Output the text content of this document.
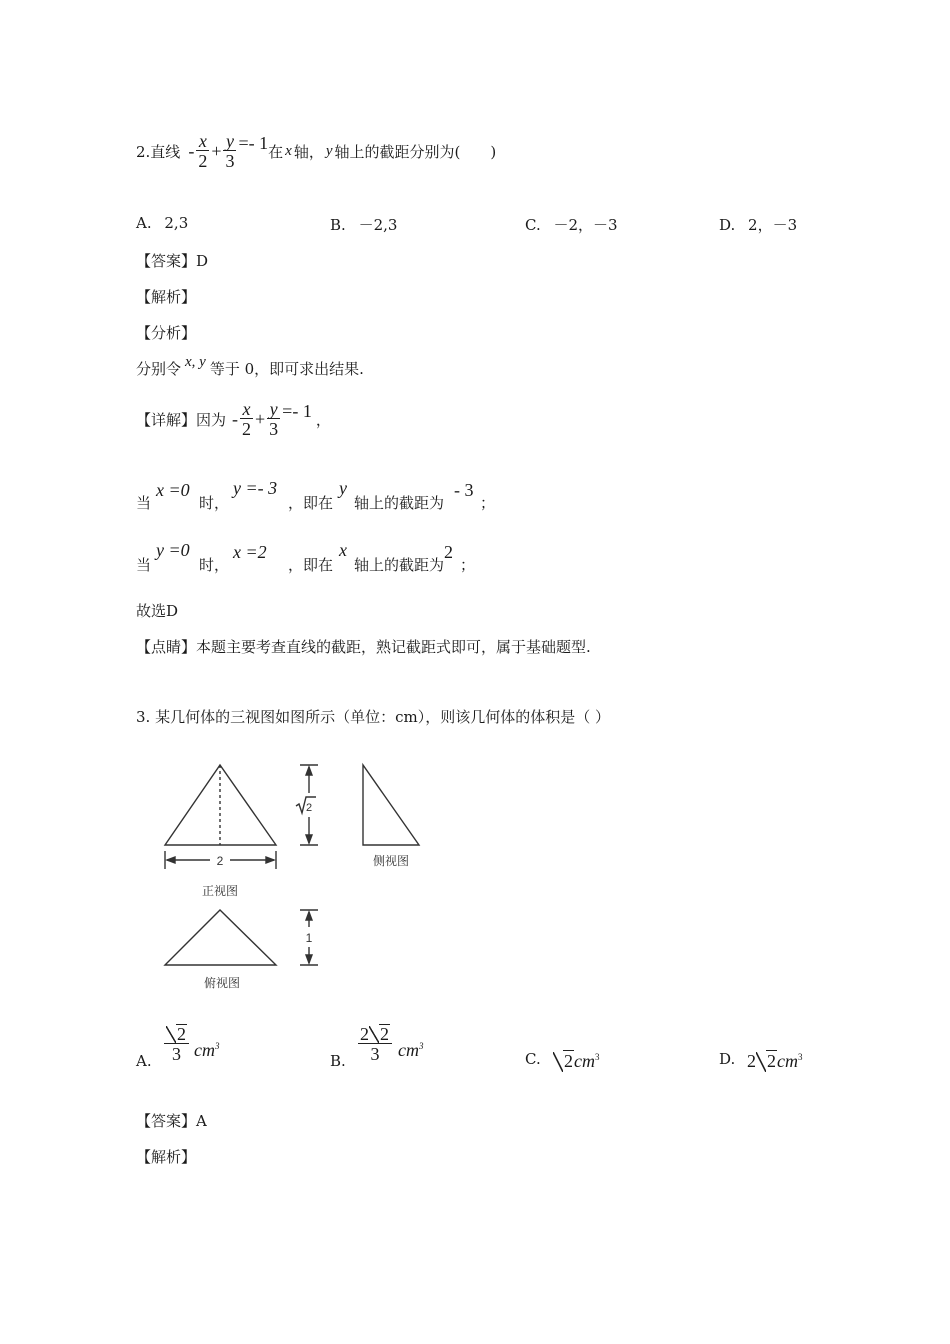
2.直线 - $\frac{x}{2} + \frac{y}{3} =- 1$ 在 x 轴， y 轴上的截距分别为(　　)
A. 2,3	B. －2,3	C. －2，－3	D. 2，－3
【答案】D
【解析】
【分析】
分别令 x, y 等于 0，即可求出结果.
【详解】因为 - $\frac{x}{2} + \frac{y}{3} =- 1$ ，
当
x =0
时，
y =- 3
，即在
y
轴上的截距为
- 3
；
当
y =0
时，
x =2
，即在
x
轴上的截距为
2
；
故选D
【点睛】本题主要考查直线的截距，熟记截距式即可，属于基础题型.
3. 某几何体的三视图如图所示（单位：cm），则该几何体的体积是（ ）
2
2
1
正视图
侧视图
俯视图
A. $\frac{2}{3} cm^3$
B. $\frac{2 2}{3} cm^3$
C.	$2cm^3$	D. 2 $2cm^3$
【答案】A
【解析】
